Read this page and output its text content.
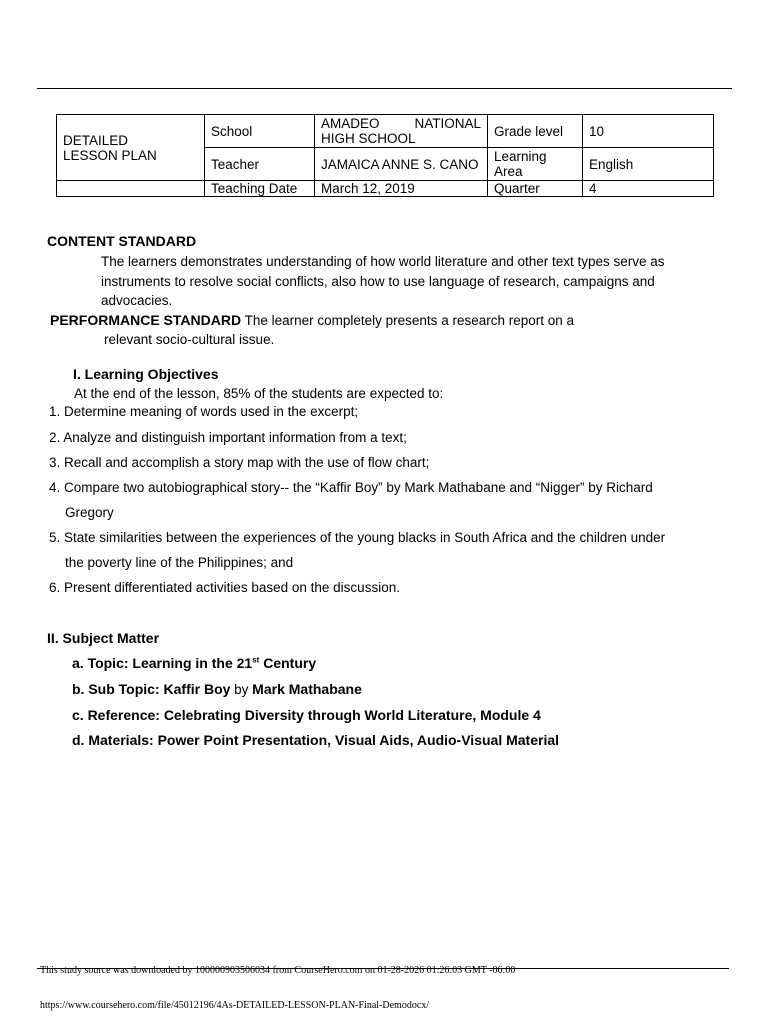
DETAILED LESSON PLAN	School	AMADEO NATIONAL HIGH SCHOOL	Grade level	10
	Teacher	JAMAICA ANNE S. CANO	Learning Area	English
	Teaching Date	March 12, 2019	Quarter	4
CONTENT STANDARD
The learners demonstrates understanding of how world literature and other text types serve as instruments to resolve social conflicts, also how to use language of research, campaigns and advocacies.
PERFORMANCE STANDARD The learner completely presents a research report on a
relevant socio-cultural issue.
I. Learning Objectives
At the end of the lesson, 85% of the students are expected to:
1. Determine meaning of words used in the excerpt;
2. Analyze and distinguish important information from a text;
3. Recall and accomplish a story map with the use of flow chart;
4. Compare two autobiographical story-- the “Kaffir Boy” by Mark Mathabane and “Nigger” by Richard
Gregory
5. State similarities between the experiences of the young blacks in South Africa and the children under
the poverty line of the Philippines; and
6. Present differentiated activities based on the discussion.
II. Subject Matter
a. Topic: Learning in the 21st Century
b. Sub Topic: Kaffir Boy by Mark Mathabane
c. Reference: Celebrating Diversity through World Literature, Module 4
d. Materials: Power Point Presentation, Visual Aids, Audio-Visual Material
This study source was downloaded by 100000903506034 from CourseHero.com on 01-28-2026 01:26:03 GMT -06:00
https://www.coursehero.com/file/45012196/4As-DETAILED-LESSON-PLAN-Final-Demodocx/
